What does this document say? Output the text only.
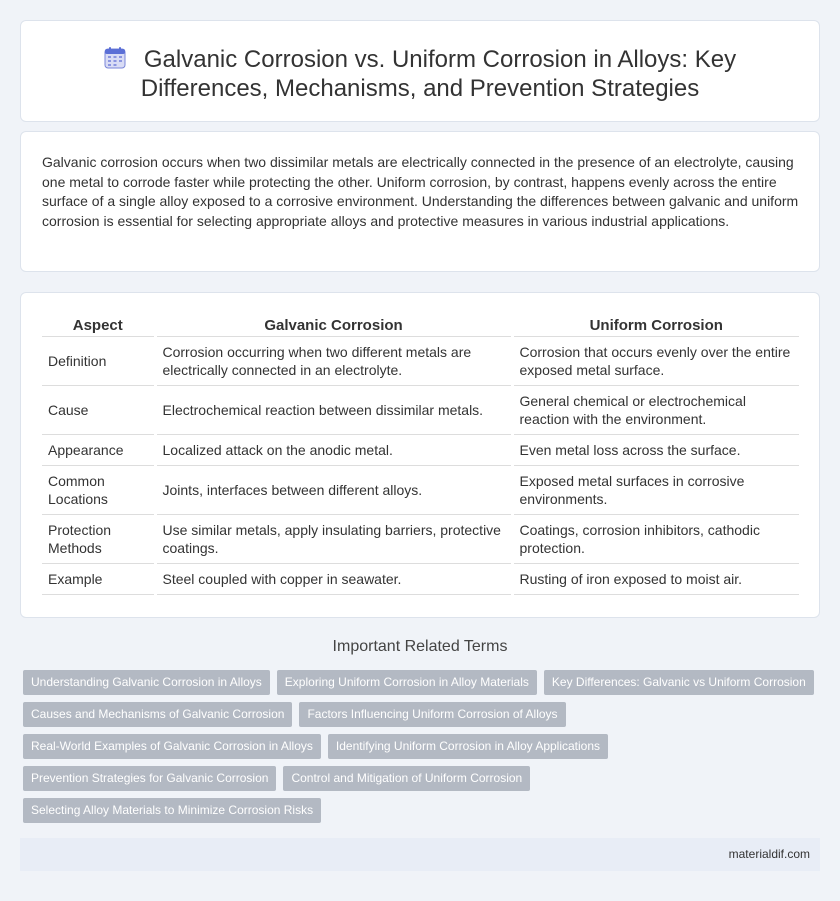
Galvanic Corrosion vs. Uniform Corrosion in Alloys: Key Differences, Mechanisms, and Prevention Strategies

Galvanic corrosion occurs when two dissimilar metals are electrically connected in the presence of an electrolyte, causing one metal to corrode faster while protecting the other. Uniform corrosion, by contrast, happens evenly across the entire surface of a single alloy exposed to a corrosive environment. Understanding the differences between galvanic and uniform corrosion is essential for selecting appropriate alloys and protective measures in various industrial applications.

Aspect	Galvanic Corrosion	Uniform Corrosion
Definition	Corrosion occurring when two different metals are electrically connected in an electrolyte.	Corrosion that occurs evenly over the entire exposed metal surface.
Cause	Electrochemical reaction between dissimilar metals.	General chemical or electrochemical reaction with the environment.
Appearance	Localized attack on the anodic metal.	Even metal loss across the surface.
Common Locations	Joints, interfaces between different alloys.	Exposed metal surfaces in corrosive environments.
Protection Methods	Use similar metals, apply insulating barriers, protective coatings.	Coatings, corrosion inhibitors, cathodic protection.
Example	Steel coupled with copper in seawater.	Rusting of iron exposed to moist air.
Important Related Terms
Understanding Galvanic Corrosion in Alloys	Exploring Uniform Corrosion in Alloy Materials	Key Differences: Galvanic vs Uniform Corrosion
Causes and Mechanisms of Galvanic Corrosion	Factors Influencing Uniform Corrosion of Alloys
Real-World Examples of Galvanic Corrosion in Alloys	Identifying Uniform Corrosion in Alloy Applications
Prevention Strategies for Galvanic Corrosion	Control and Mitigation of Uniform Corrosion
Selecting Alloy Materials to Minimize Corrosion Risks
materialdif.com
